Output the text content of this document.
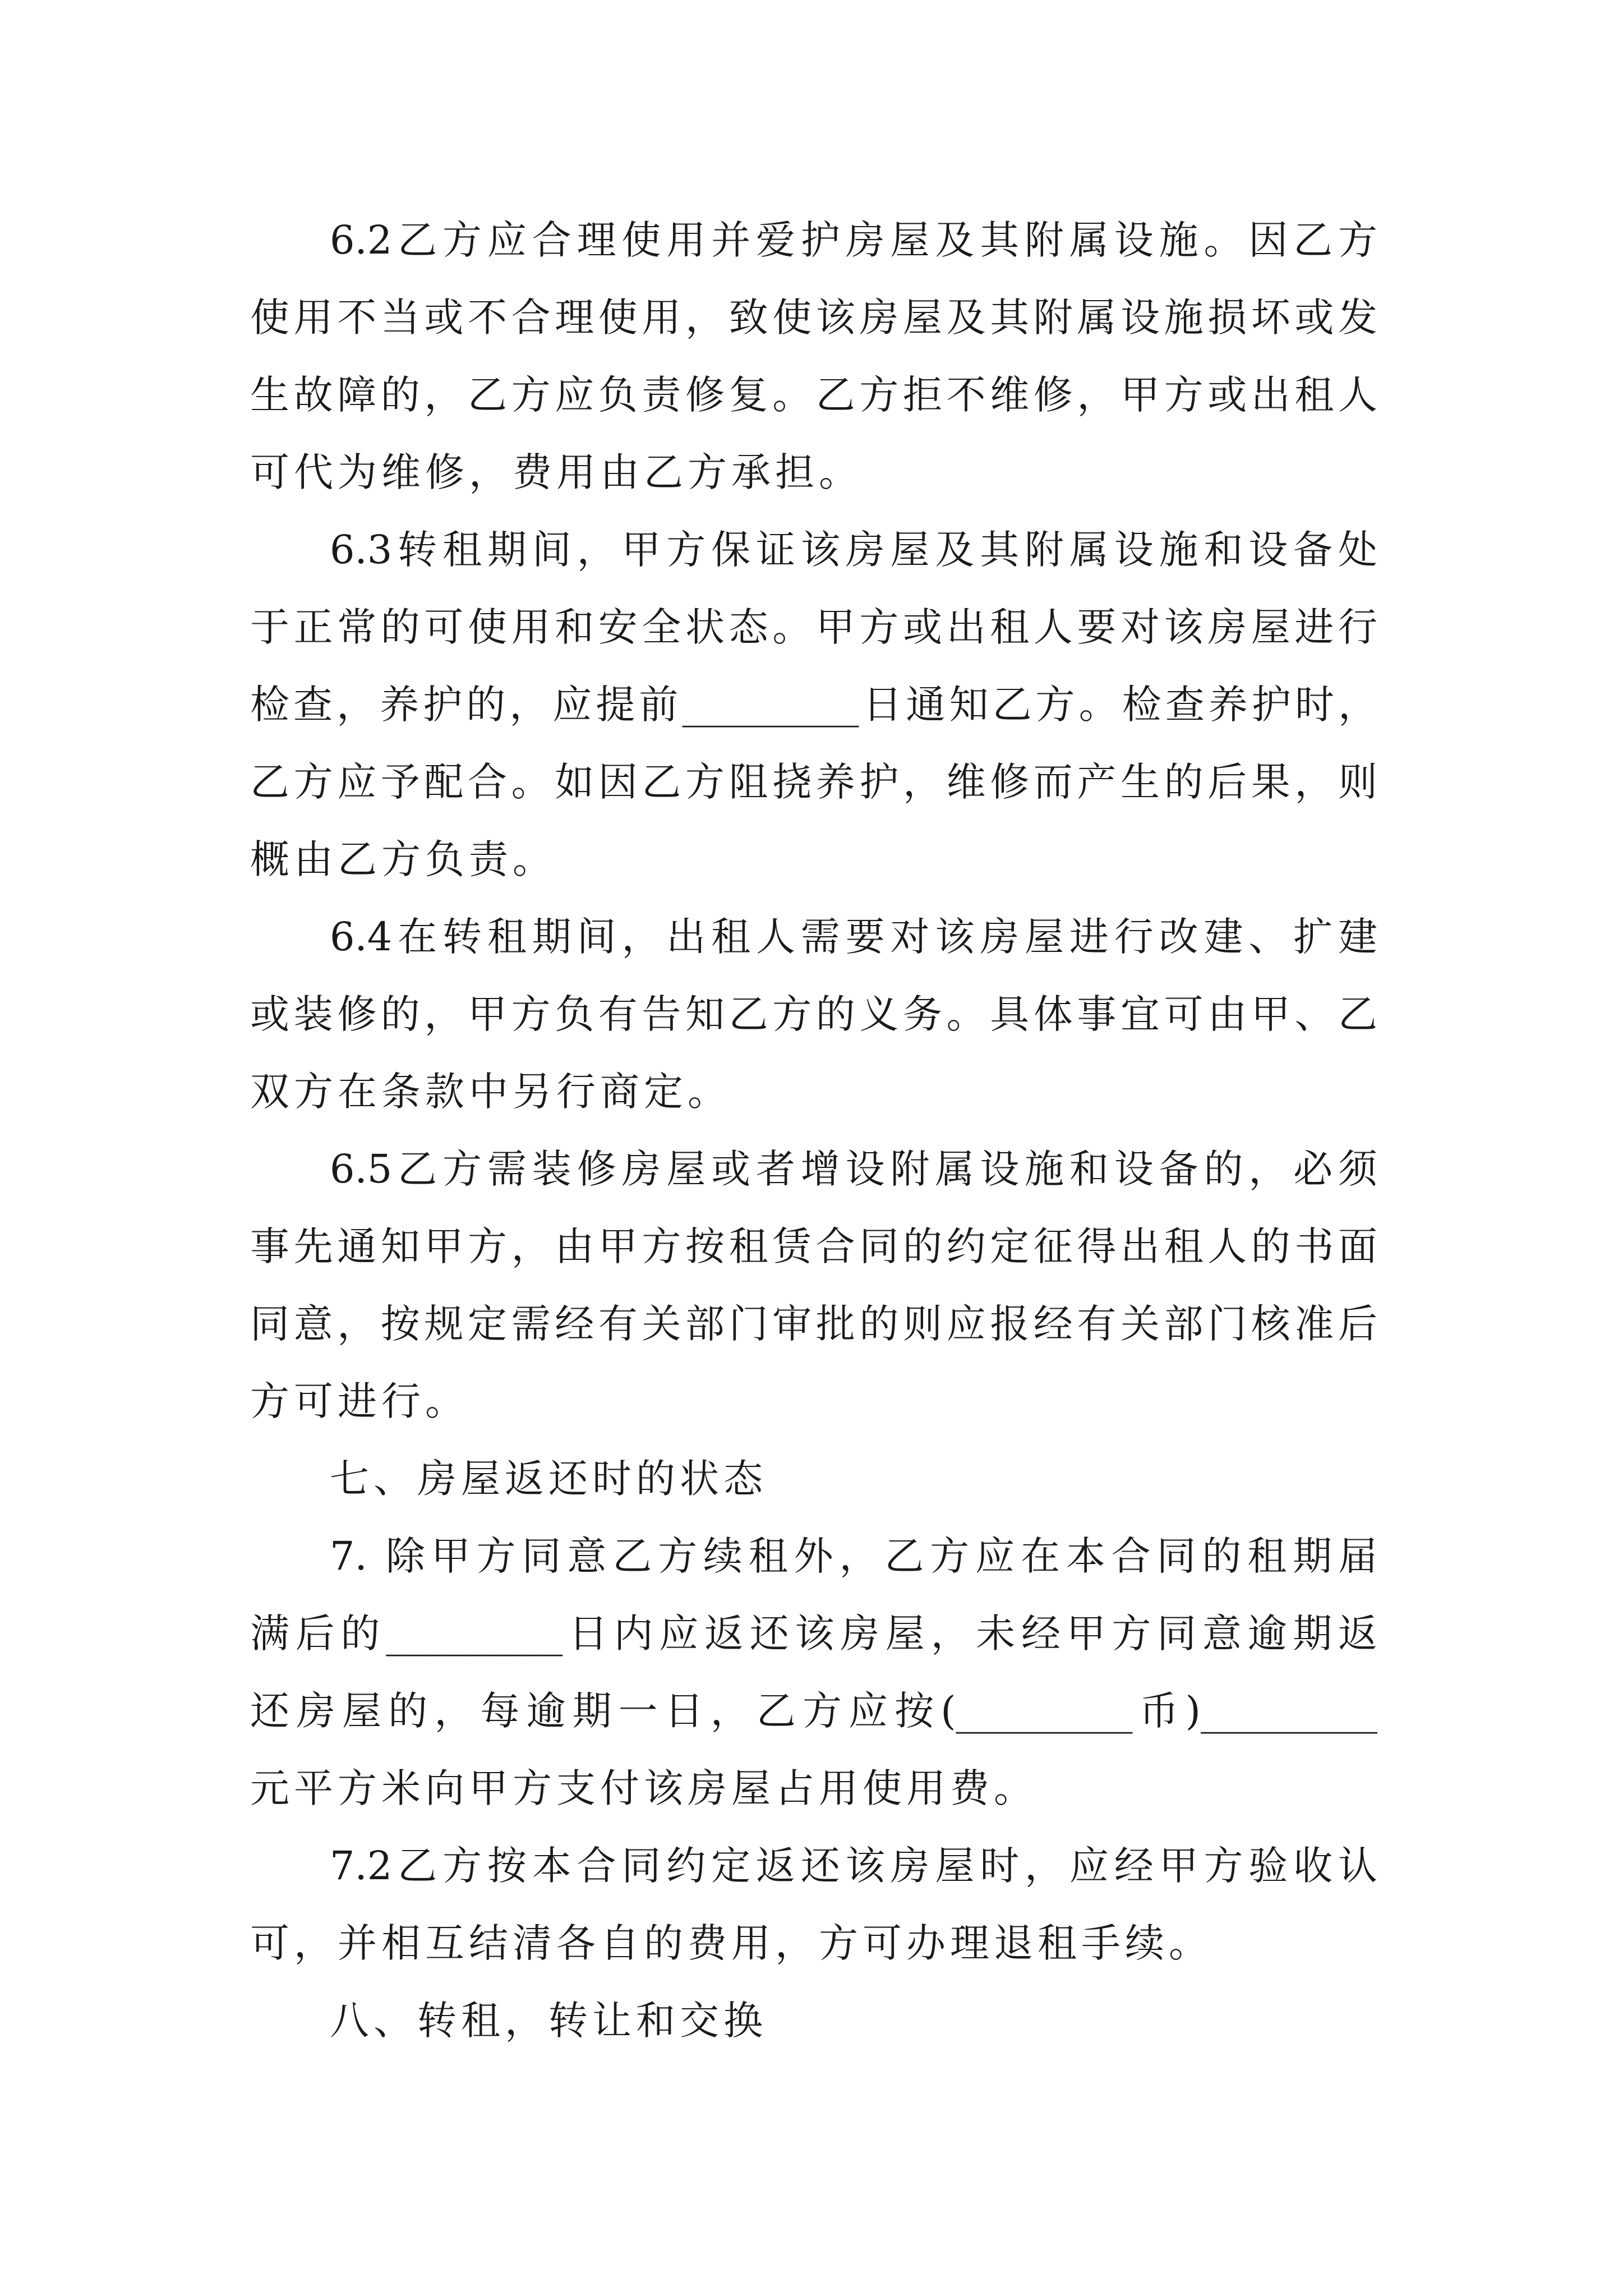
6.2乙方应合理使用并爱护房屋及其附属设施。因乙方
使用不当或不合理使用，致使该房屋及其附属设施损坏或发
生故障的，乙方应负责修复。乙方拒不维修，甲方或出租人
可代为维修，费用由乙方承担。
6.3转租期间，甲方保证该房屋及其附属设施和设备处
于正常的可使用和安全状态。甲方或出租人要对该房屋进行
检查，养护的，应提前_________日通知乙方。检查养护时，
乙方应予配合。如因乙方阻挠养护，维修而产生的后果，则
概由乙方负责。
6.4在转租期间，出租人需要对该房屋进行改建、扩建
或装修的，甲方负有告知乙方的义务。具体事宜可由甲、乙
双方在条款中另行商定。
6.5乙方需装修房屋或者增设附属设施和设备的，必须
事先通知甲方，由甲方按租赁合同的约定征得出租人的书面
同意，按规定需经有关部门审批的则应报经有关部门核准后
方可进行。
七、房屋返还时的状态
7. 除甲方同意乙方续租外，乙方应在本合同的租期届
满后的_________日内应返还该房屋，未经甲方同意逾期返
还房屋的，每逾期一日，乙方应按(_________币)_________
元平方米向甲方支付该房屋占用使用费。
7.2乙方按本合同约定返还该房屋时，应经甲方验收认
可，并相互结清各自的费用，方可办理退租手续。
八、转租，转让和交换
